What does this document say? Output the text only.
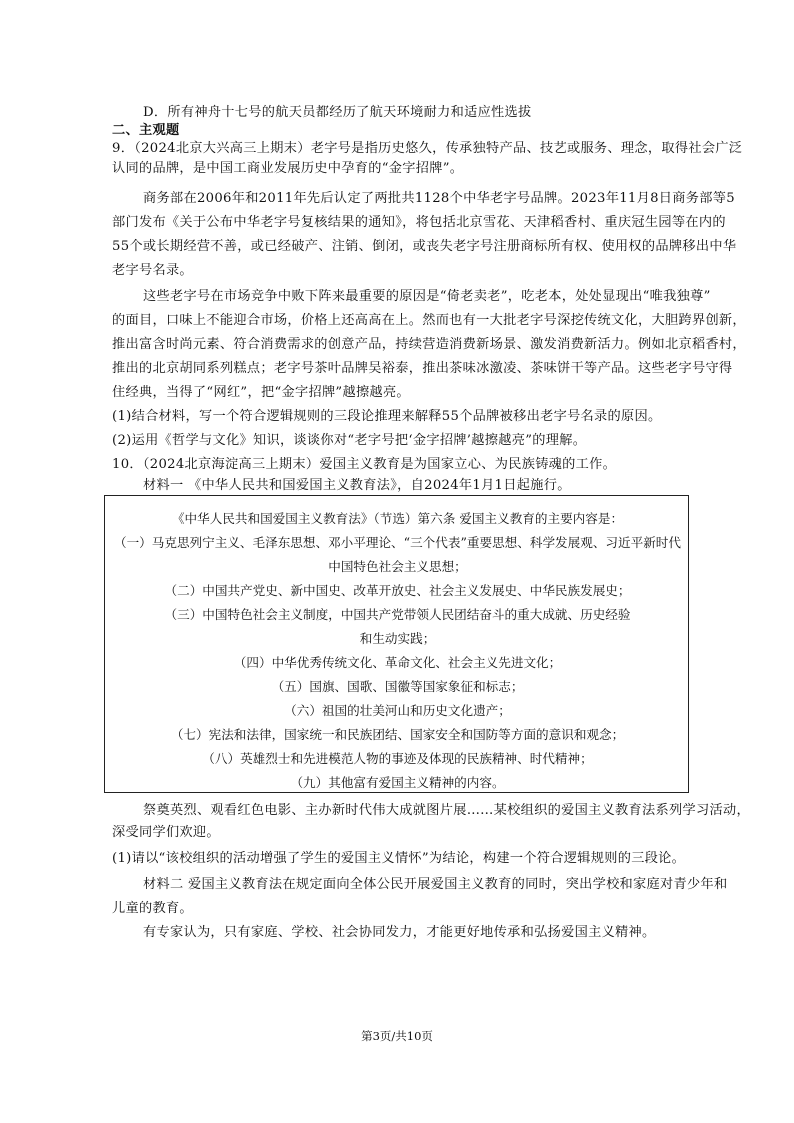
D．所有神舟十七号的航天员都经历了航天环境耐力和适应性选拔
二、主观题
9．（2024北京大兴高三上期末）老字号是指历史悠久，传承独特产品、技艺或服务、理念，取得社会广泛
认同的品牌，是中国工商业发展历史中孕育的“金字招牌”。
商务部在2006年和2011年先后认定了两批共1128个中华老字号品牌。2023年11月8日商务部等5
部门发布《关于公布中华老字号复核结果的通知》，将包括北京雪花、天津稻香村、重庆冠生园等在内的
55个或长期经营不善，或已经破产、注销、倒闭，或丧失老字号注册商标所有权、使用权的品牌移出中华
老字号名录。
这些老字号在市场竞争中败下阵来最重要的原因是“倚老卖老”，吃老本，处处显现出“唯我独尊”
的面目，口味上不能迎合市场，价格上还高高在上。然而也有一大批老字号深挖传统文化，大胆跨界创新，
推出富含时尚元素、符合消费需求的创意产品，持续营造消费新场景、激发消费新活力。例如北京稻香村，
推出的北京胡同系列糕点；老字号茶叶品牌吴裕泰，推出茶味冰激凌、茶味饼干等产品。这些老字号守得
住经典，当得了“网红”，把“金字招牌”越擦越亮。
(1)结合材料，写一个符合逻辑规则的三段论推理来解释55个品牌被移出老字号名录的原因。
(2)运用《哲学与文化》知识，谈谈你对“老字号把‘金字招牌’越擦越亮”的理解。
10．（2024北京海淀高三上期末）爱国主义教育是为国家立心、为民族铸魂的工作。
材料一 《中华人民共和国爱国主义教育法》，自2024年1月1日起施行。
祭奠英烈、观看红色电影、主办新时代伟大成就图片展……某校组织的爱国主义教育法系列学习活动，
深受同学们欢迎。
(1)请以“该校组织的活动增强了学生的爱国主义情怀”为结论，构建一个符合逻辑规则的三段论。
材料二 爱国主义教育法在规定面向全体公民开展爱国主义教育的同时，突出学校和家庭对青少年和
儿童的教育。
有专家认为，只有家庭、学校、社会协同发力，才能更好地传承和弘扬爱国主义精神。
《中华人民共和国爱国主义教育法》（节选）第六条 爱国主义教育的主要内容是：
（一）马克思列宁主义、毛泽东思想、邓小平理论、“三个代表”重要思想、科学发展观、习近平新时代
中国特色社会主义思想；
（二）中国共产党史、新中国史、改革开放史、社会主义发展史、中华民族发展史；
（三）中国特色社会主义制度，中国共产党带领人民团结奋斗的重大成就、历史经验
和生动实践；
（四）中华优秀传统文化、革命文化、社会主义先进文化；
（五）国旗、国歌、国徽等国家象征和标志；
（六）祖国的壮美河山和历史文化遗产；
（七）宪法和法律，国家统一和民族团结、国家安全和国防等方面的意识和观念；
（八）英雄烈士和先进模范人物的事迹及体现的民族精神、时代精神；
（九）其他富有爱国主义精神的内容。
第3页/共10页
